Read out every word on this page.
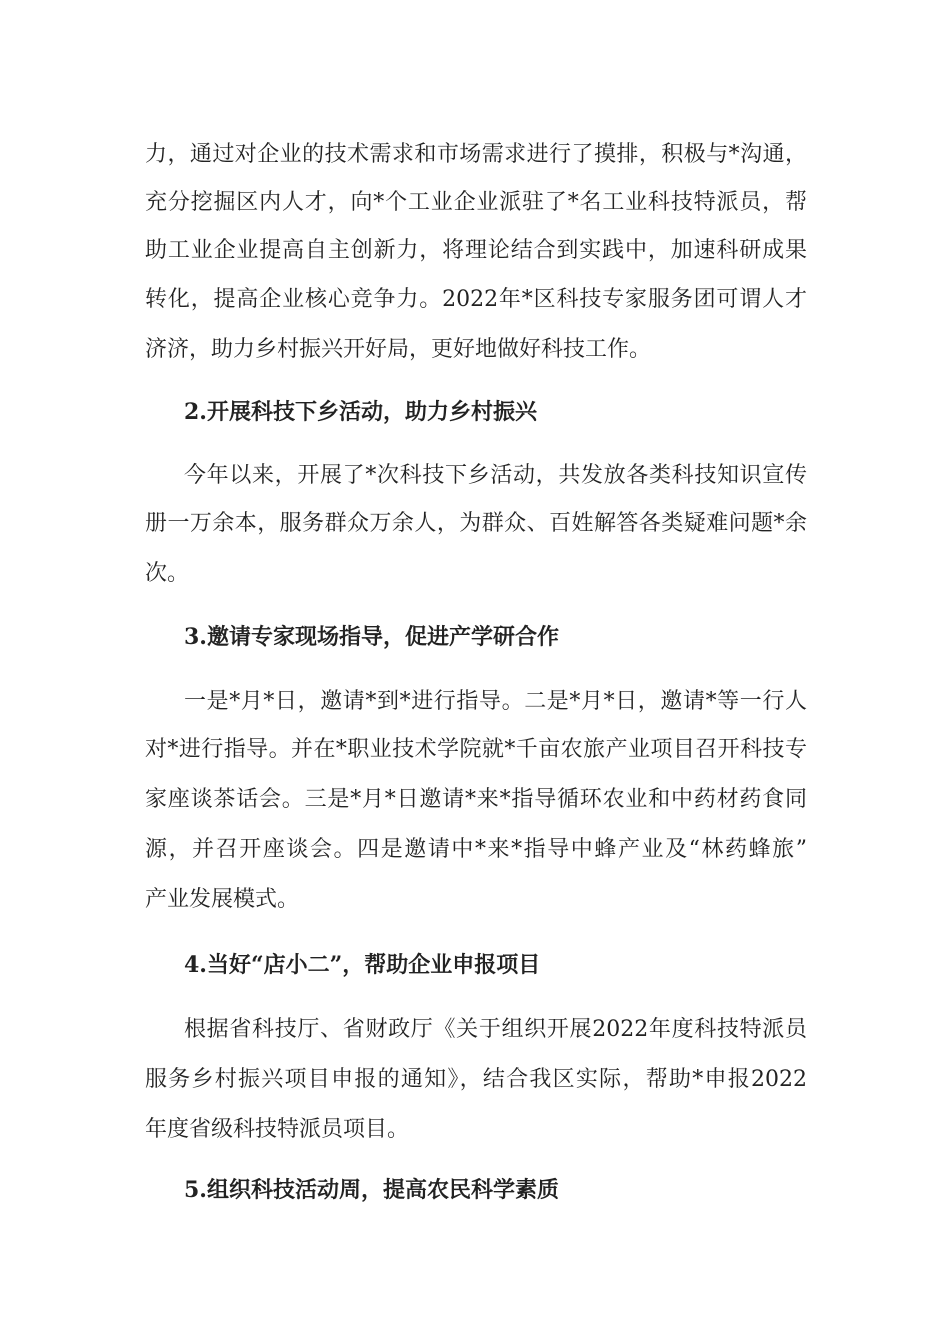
力，通过对企业的技术需求和市场需求进行了摸排，积极与*沟通，
充分挖掘区内人才，向*个工业企业派驻了*名工业科技特派员，帮
助工业企业提高自主创新力，将理论结合到实践中，加速科研成果
转化，提高企业核心竞争力。2022年*区科技专家服务团可谓人才
济济，助力乡村振兴开好局，更好地做好科技工作。
2.开展科技下乡活动，助力乡村振兴
今年以来，开展了*次科技下乡活动，共发放各类科技知识宣传
册一万余本，服务群众万余人，为群众、百姓解答各类疑难问题*余
次。
3.邀请专家现场指导，促进产学研合作
一是*月*日，邀请*到*进行指导。二是*月*日，邀请*等一行人
对*进行指导。并在*职业技术学院就*千亩农旅产业项目召开科技专
家座谈茶话会。三是*月*日邀请*来*指导循环农业和中药材药食同
源，并召开座谈会。四是邀请中*来*指导中蜂产业及“林药蜂旅”
产业发展模式。
4.当好“店小二”，帮助企业申报项目
根据省科技厅、省财政厅《关于组织开展2022年度科技特派员
服务乡村振兴项目申报的通知》，结合我区实际，帮助*申报2022
年度省级科技特派员项目。
5.组织科技活动周，提高农民科学素质
